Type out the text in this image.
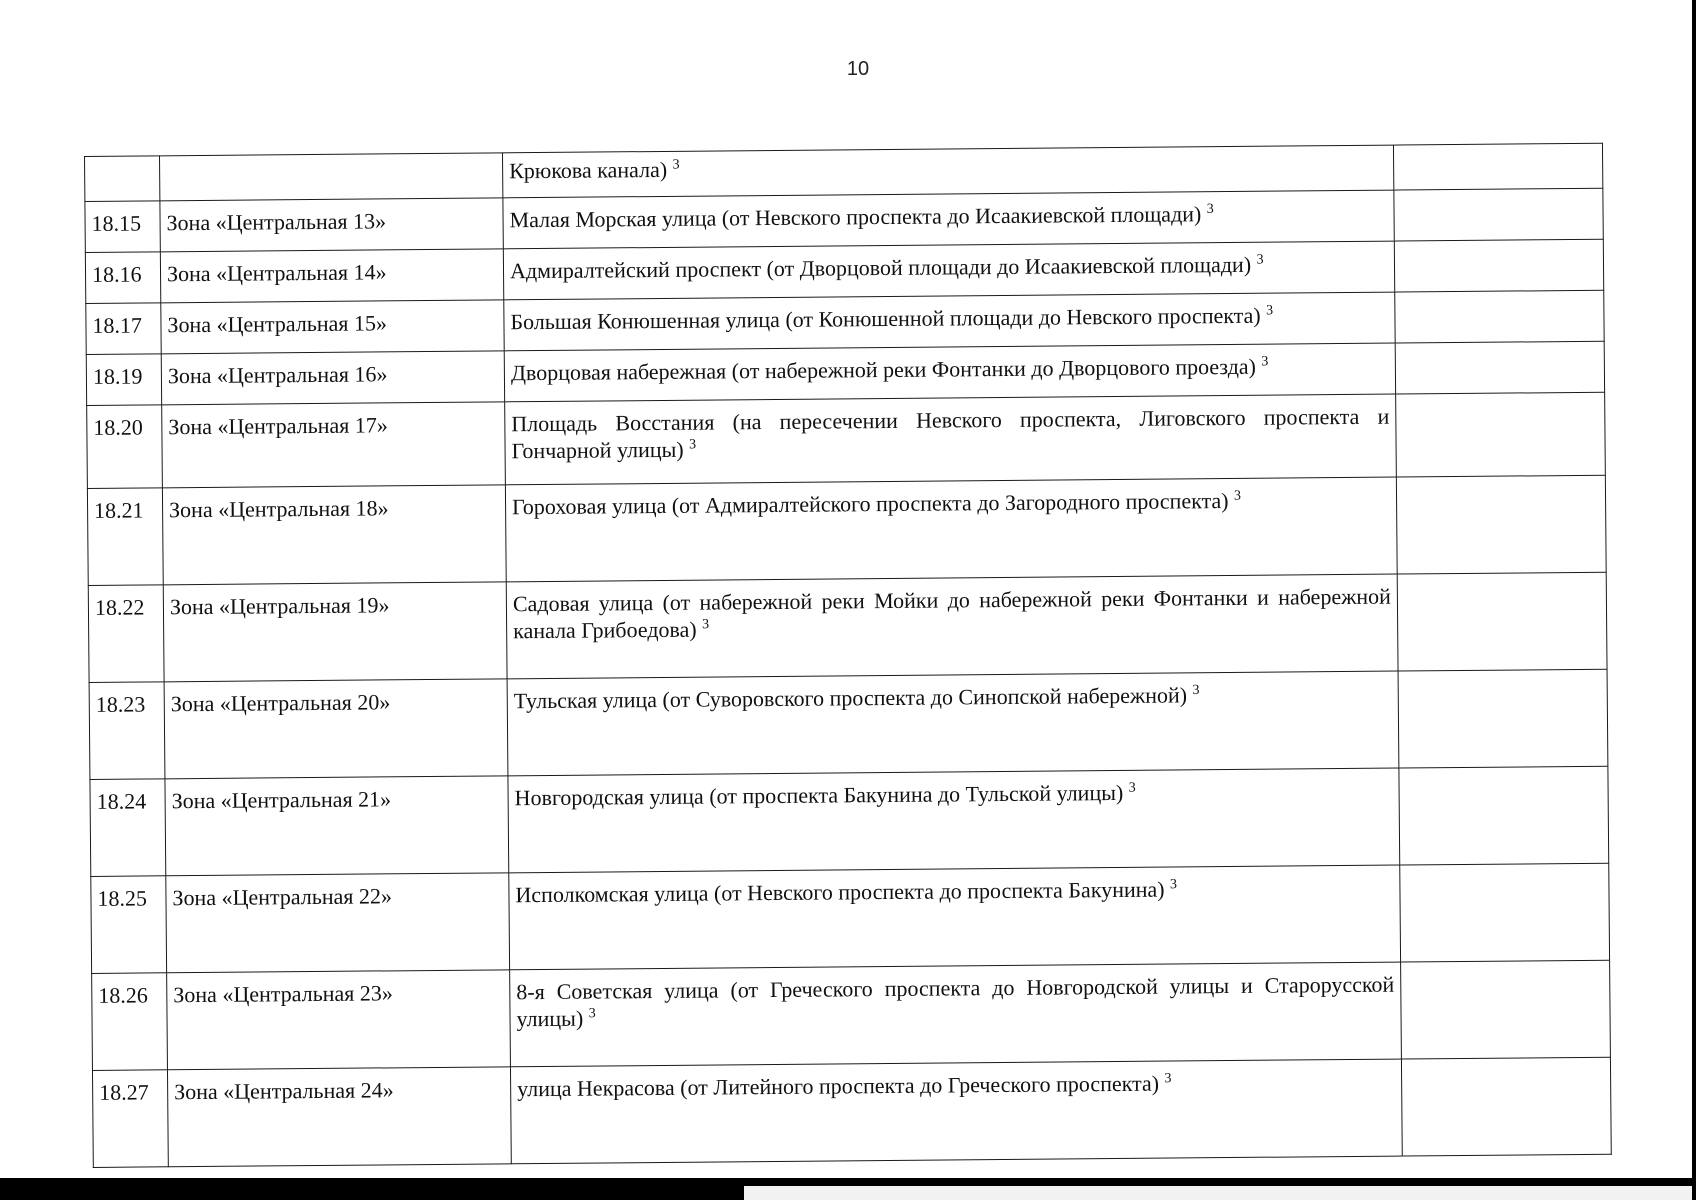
10
		Крюкова канала) $^3$	
18.15	Зона «Центральная 13»	Малая Морская улица (от Невского проспекта до Исаакиевской площади) $^3$	
18.16	Зона «Центральная 14»	Адмиралтейский проспект (от Дворцовой площади до Исаакиевской площади) $^3$	
18.17	Зона «Центральная 15»	Большая Конюшенная улица (от Конюшенной площади до Невского проспекта) $^3$	
18.19	Зона «Центральная 16»	Дворцовая набережная (от набережной реки Фонтанки до Дворцового проезда) $^3$	
18.20	Зона «Центральная 17»	Площадь Восстания (на пересечении Невского проспекта, Лиговского проспекта и Гончарной улицы) $^3$	
18.21	Зона «Центральная 18»	Гороховая улица (от Адмиралтейского проспекта до Загородного проспекта) $^3$	
18.22	Зона «Центральная 19»	Садовая улица (от набережной реки Мойки до набережной реки Фонтанки и набережной канала Грибоедова) $^3$	
18.23	Зона «Центральная 20»	Тульская улица (от Суворовского проспекта до Синопской набережной) $^3$	
18.24	Зона «Центральная 21»	Новгородская улица (от проспекта Бакунина до Тульской улицы) $^3$	
18.25	Зона «Центральная 22»	Исполкомская улица (от Невского проспекта до проспекта Бакунина) $^3$	
18.26	Зона «Центральная 23»	8-я Советская улица (от Греческого проспекта до Новгородской улицы и Старорусской улицы) $^3$	
18.27	Зона «Центральная 24»	улица Некрасова (от Литейного проспекта до Греческого проспекта) $^3$	
